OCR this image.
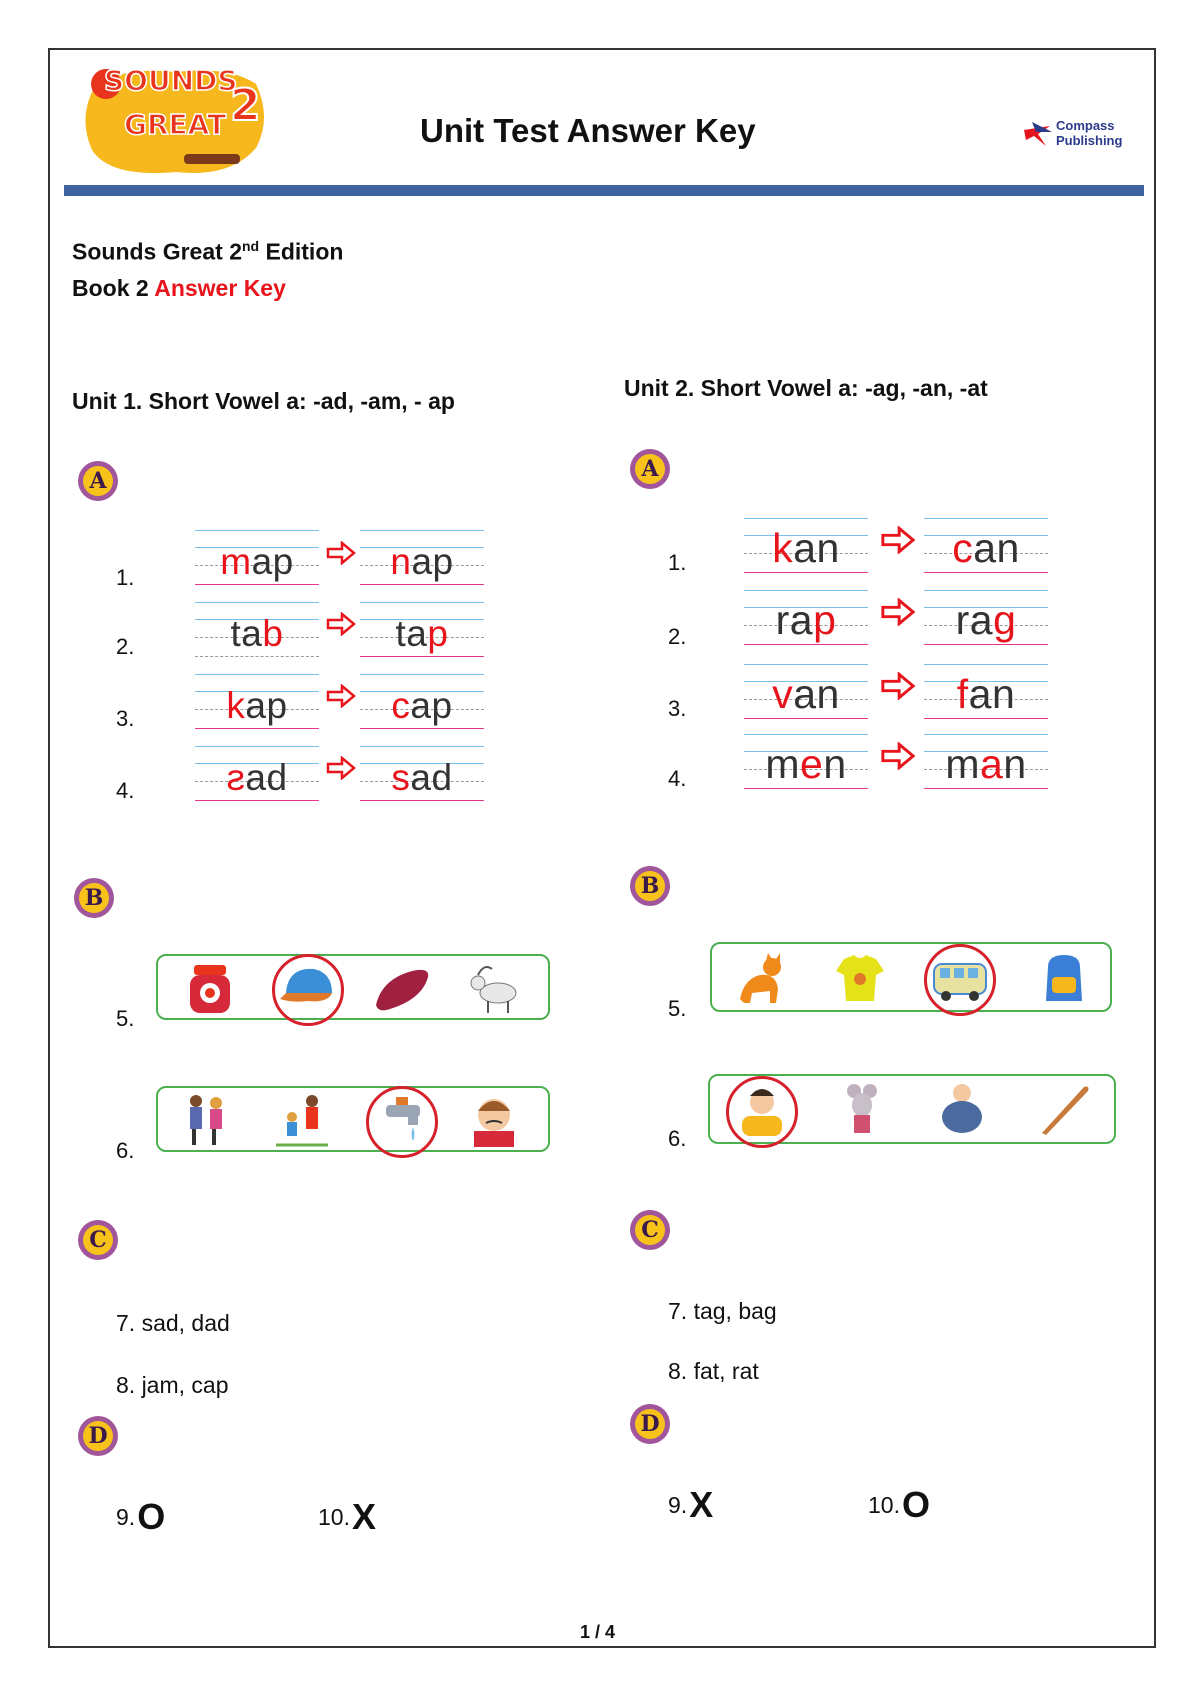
SOUNDS
GREAT 2	Unit Test Answer Key	Compass
Publishing
Sounds Great 2nd Edition
Book 2 Answer Key
Unit 1. Short Vowel a: -ad, -am, - ap	Unit 2. Short Vowel a: -ag, -an, -at
A
1.	map	nap
2.	tab	tap
3.	kap	cap
4.	sad	sad
B
5.
6.
C
7. sad, dad
8. jam, cap
D
9.O	10.X
A
1.	kan	can
2.	rap	rag
3.	van	fan
4.	men	man
B
5.
6.
C
7. tag, bag
8. fat, rat
D
9.X	10.O
1 / 4
